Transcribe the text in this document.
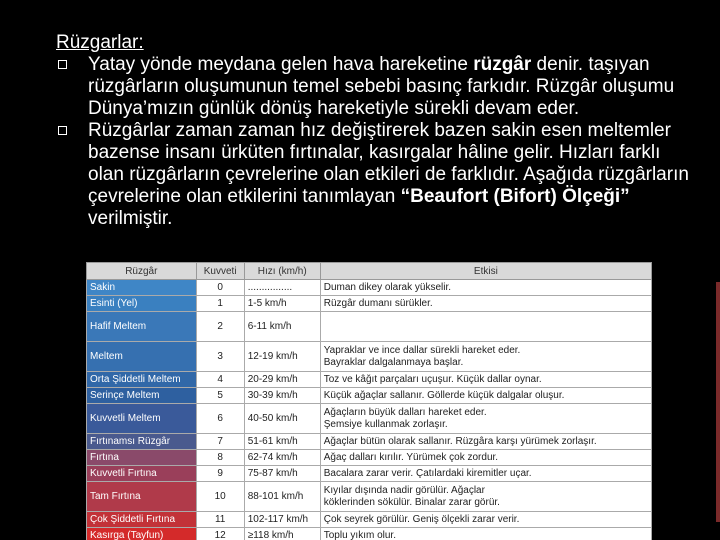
Rüzgarlar:
Yatay yönde meydana gelen hava hareketine rüzgâr denir. taşıyan rüzgârların oluşumunun temel sebebi basınç farkıdır. Rüzgâr oluşumu Dünya’mızın günlük dönüş hareketiyle sürekli devam eder.
Rüzgârlar zaman zaman hız değiştirerek bazen sakin esen meltemler bazense insanı ürküten fırtınalar, kasırgalar hâline gelir. Hızları farklı olan rüzgârların çevrelerine olan etkileri de farklıdır. Aşağıda rüzgârların çevrelerine olan etkilerini tanımlayan “Beaufort (Bifort) Ölçeği” verilmiştir.
Rüzgâr	Kuvveti	Hızı (km/h)	Etkisi
Sakin	0	................	Duman dikey olarak yükselir.

Esinti (Yel)	1	1-5 km/h	Rüzgâr dumanı sürükler.

Hafif Meltem	2	6-11 km/h	

Meltem	3	12-19 km/h	Yapraklar ve ince dallar sürekli hareket eder.
Bayraklar dalgalanmaya başlar.

Orta Şiddetli Meltem	4	20-29 km/h	Toz ve kâğıt parçaları uçuşur. Küçük dallar oynar.

Serinçe Meltem	5	30-39 km/h	Küçük ağaçlar sallanır. Göllerde küçük dalgalar oluşur.

Kuvvetli Meltem	6	40-50 km/h	Ağaçların büyük dalları hareket eder.
Şemsiye kullanmak zorlaşır.

Fırtınamsı Rüzgâr	7	51-61 km/h	Ağaçlar bütün olarak sallanır. Rüzgâra karşı yürümek zorlaşır.

Fırtına	8	62-74 km/h	Ağaç dalları kırılır. Yürümek çok zordur.

Kuvvetli Fırtına	9	75-87 km/h	Bacalara zarar verir. Çatılardaki kiremitler uçar.

Tam Fırtına	10	88-101 km/h	Kıyılar dışında nadir görülür. Ağaçlar
köklerinden sökülür. Binalar zarar görür.

Çok Şiddetli Fırtına	11	102-117 km/h	Çok seyrek görülür. Geniş ölçekli zarar verir.

Kasırga (Tayfun)	12	≥118 km/h	Toplu yıkım olur.
